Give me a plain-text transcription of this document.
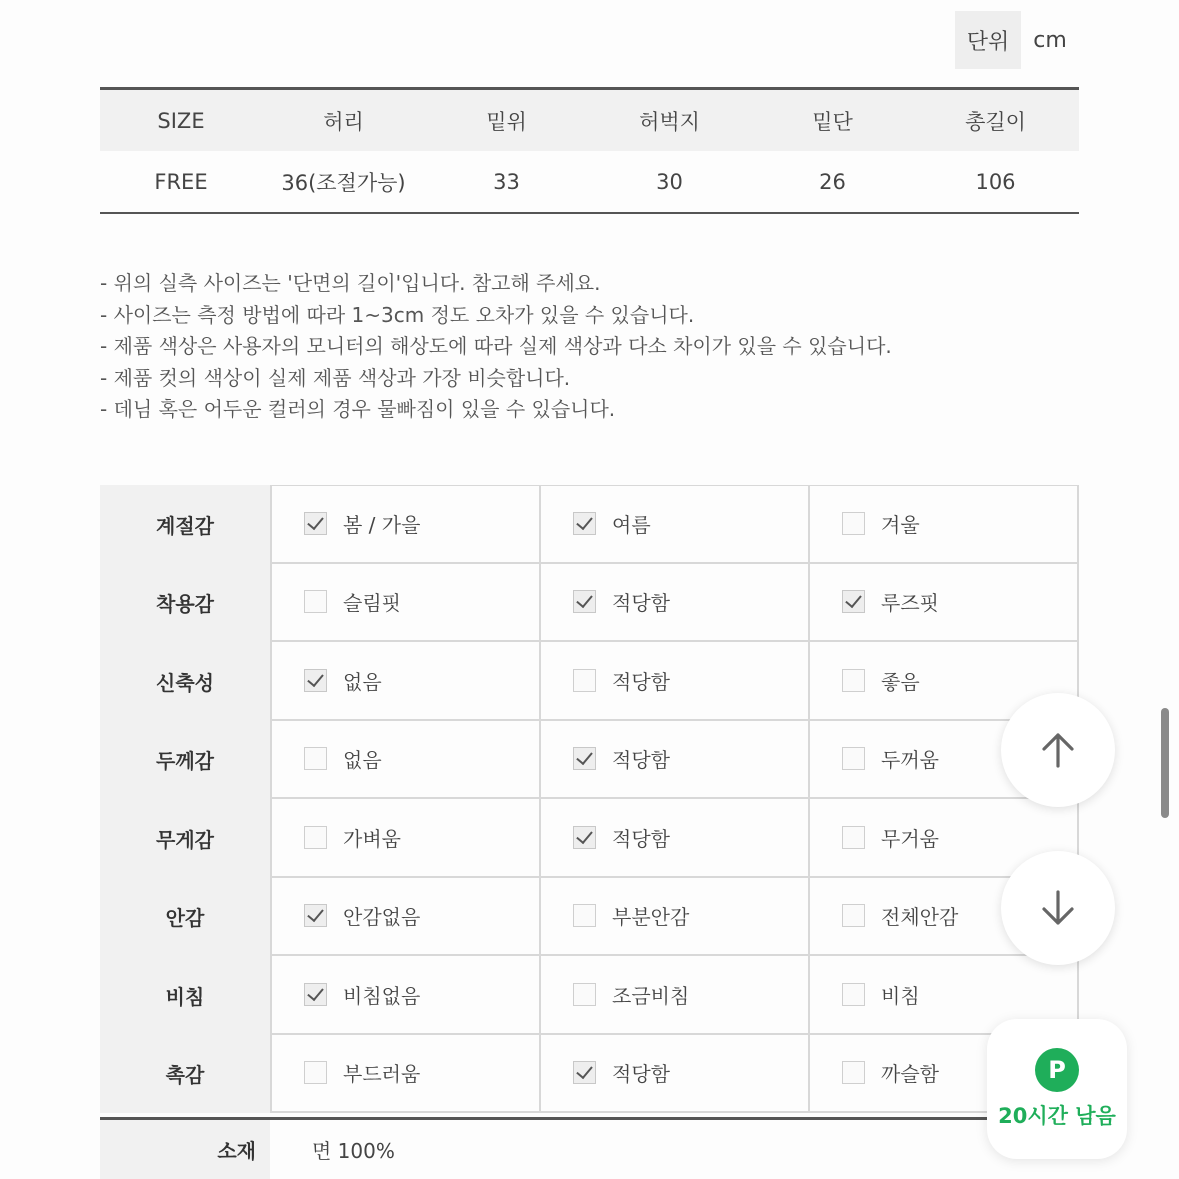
단위	cm
SIZE	허리	밑위	허벅지	밑단	총길이
FREE	36(조절가능)	33	30	26	106
- 위의 실측 사이즈는 '단면의 길이'입니다. 참고해 주세요.
- 사이즈는 측정 방법에 따라 1~3cm 정도 오차가 있을 수 있습니다.
- 제품 색상은 사용자의 모니터의 해상도에 따라 실제 색상과 다소 차이가 있을 수 있습니다.
- 제품 컷의 색상이 실제 제품 색상과 가장 비슷합니다.
- 데님 혹은 어두운 컬러의 경우 물빠짐이 있을 수 있습니다.
계절감	봄 / 가을	여름	겨울
착용감	슬림핏	적당함	루즈핏
신축성	없음	적당함	좋음
두께감	없음	적당함	두꺼움
무게감	가벼움	적당함	무거움
안감	안감없음	부분안감	전체안감
비침	비침없음	조금비침	비침
촉감	부드러움	적당함	까슬함
소재	면 100%
P
20시간 남음
